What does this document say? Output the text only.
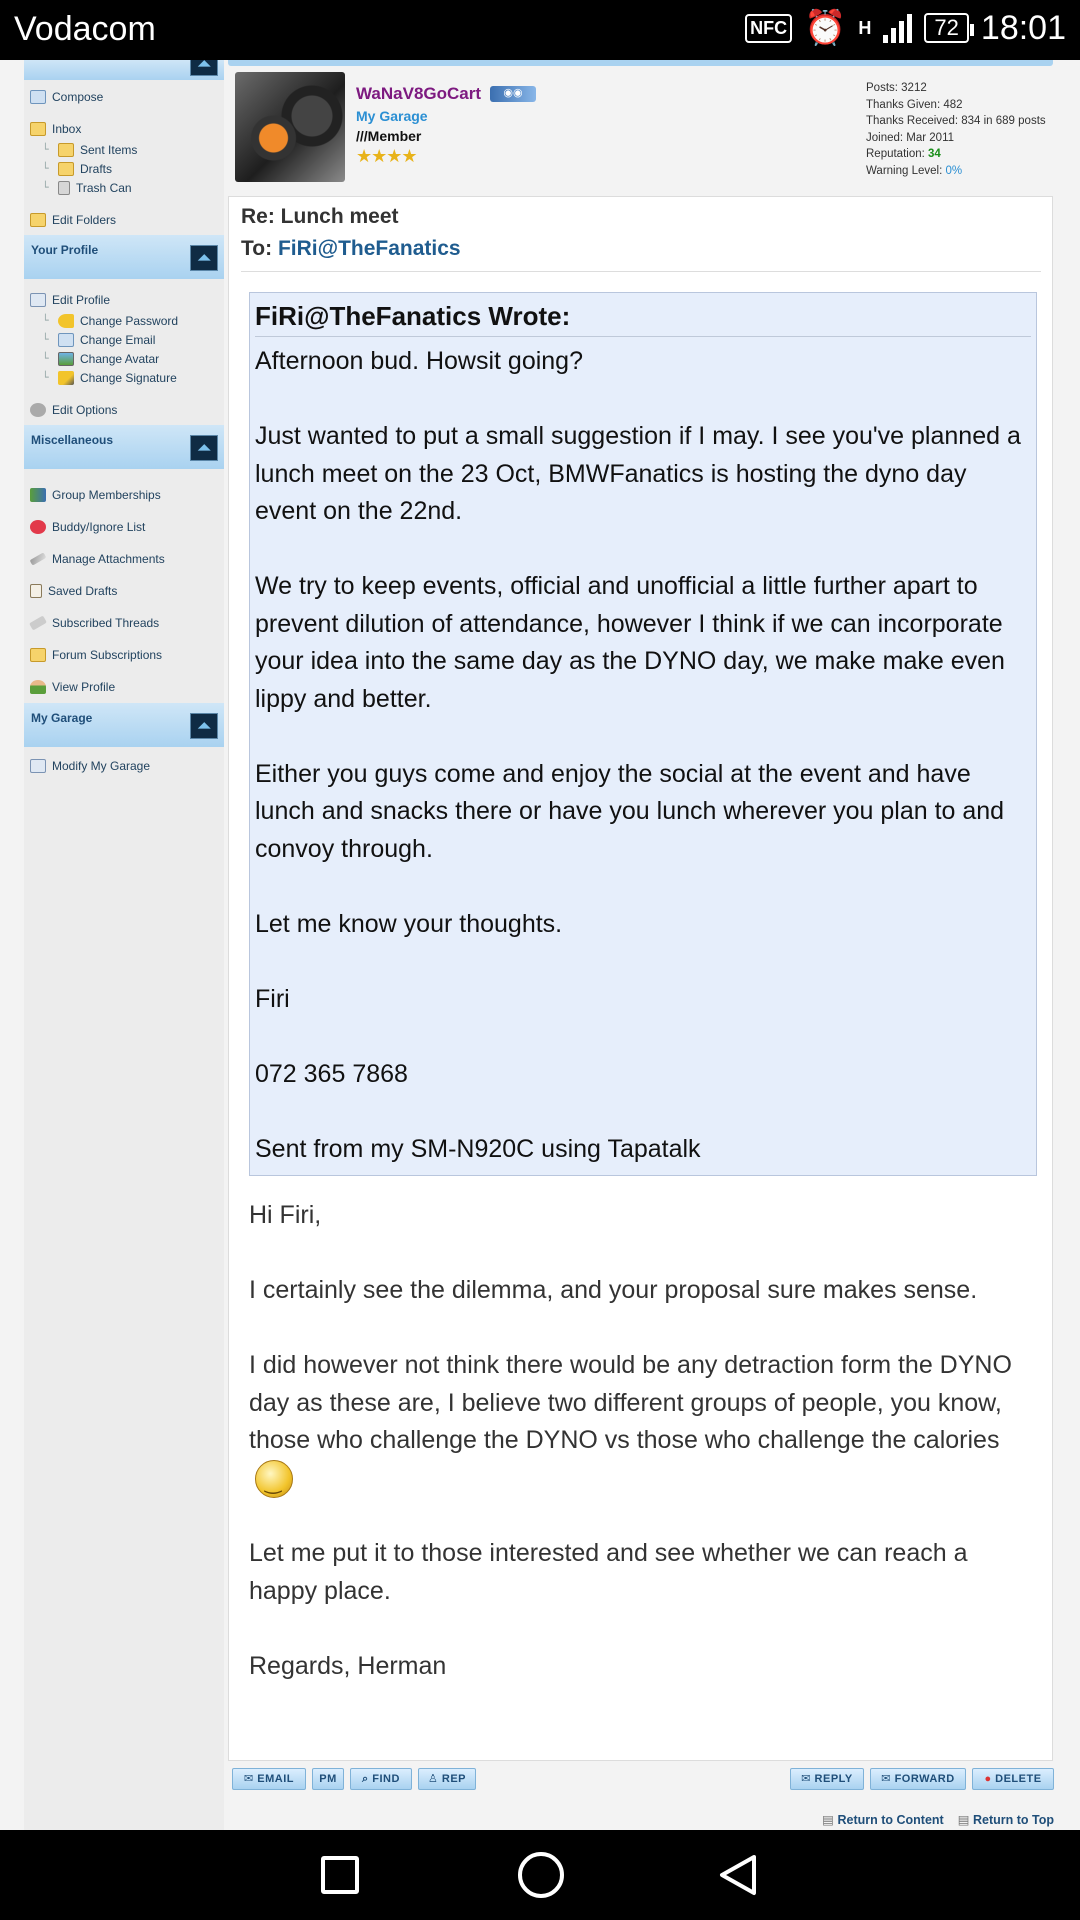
Vodacom	NFC ⏰ H	72 18:01
⏶
Compose
Inbox
└	Sent Items
└	Drafts
└ Trash Can
Edit Folders
Your Profile	⏶
Edit Profile
└	Change Password
└	Change Email
└	Change Avatar
└	Change Signature
Edit Options
Miscellaneous	⏶
Group Memberships
Buddy/Ignore List
Manage Attachments
Saved Drafts
Subscribed Threads
Forum Subscriptions
View Profile
My Garage	⏶
Modify My Garage
WaNaV8GoCart	◉◉
My Garage
///Member
★★★★
Posts: 3212
Thanks Given: 482
Thanks Received: 834 in 689 posts
Joined: Mar 2011
Reputation: 34
Warning Level: 0%
Re: Lunch meet
To: FiRi@TheFanatics
FiRi@TheFanatics Wrote:
Afternoon bud. Howsit going?
Just wanted to put a small suggestion if I may. I see you've planned a lunch meet on the 23 Oct, BMWFanatics is hosting the dyno day event on the 22nd.
We try to keep events, official and unofficial a little further apart to prevent dilution of attendance, however I think if we can incorporate your idea into the same day as the DYNO day, we make make even lippy and better.
Either you guys come and enjoy the social at the event and have lunch and snacks there or have you lunch wherever you plan to and convoy through.
Let me know your thoughts.
Firi
072 365 7868
Sent from my SM-N920C using Tapatalk
Hi Firi,
I certainly see the dilemma, and your proposal sure makes sense.
I did however not think there would be any detraction form the DYNO day as these are, I believe two different groups of people, you know, those who challenge the DYNO vs those who challenge the calories‿
Let me put it to those interested and see whether we can reach a happy place.
Regards, Herman
✉ EMAIL	PM	⌕ FIND	♙ REP	✉ REPLY	✉ FORWARD	● DELETE
▤ Return to Content
▤	Return to Top
